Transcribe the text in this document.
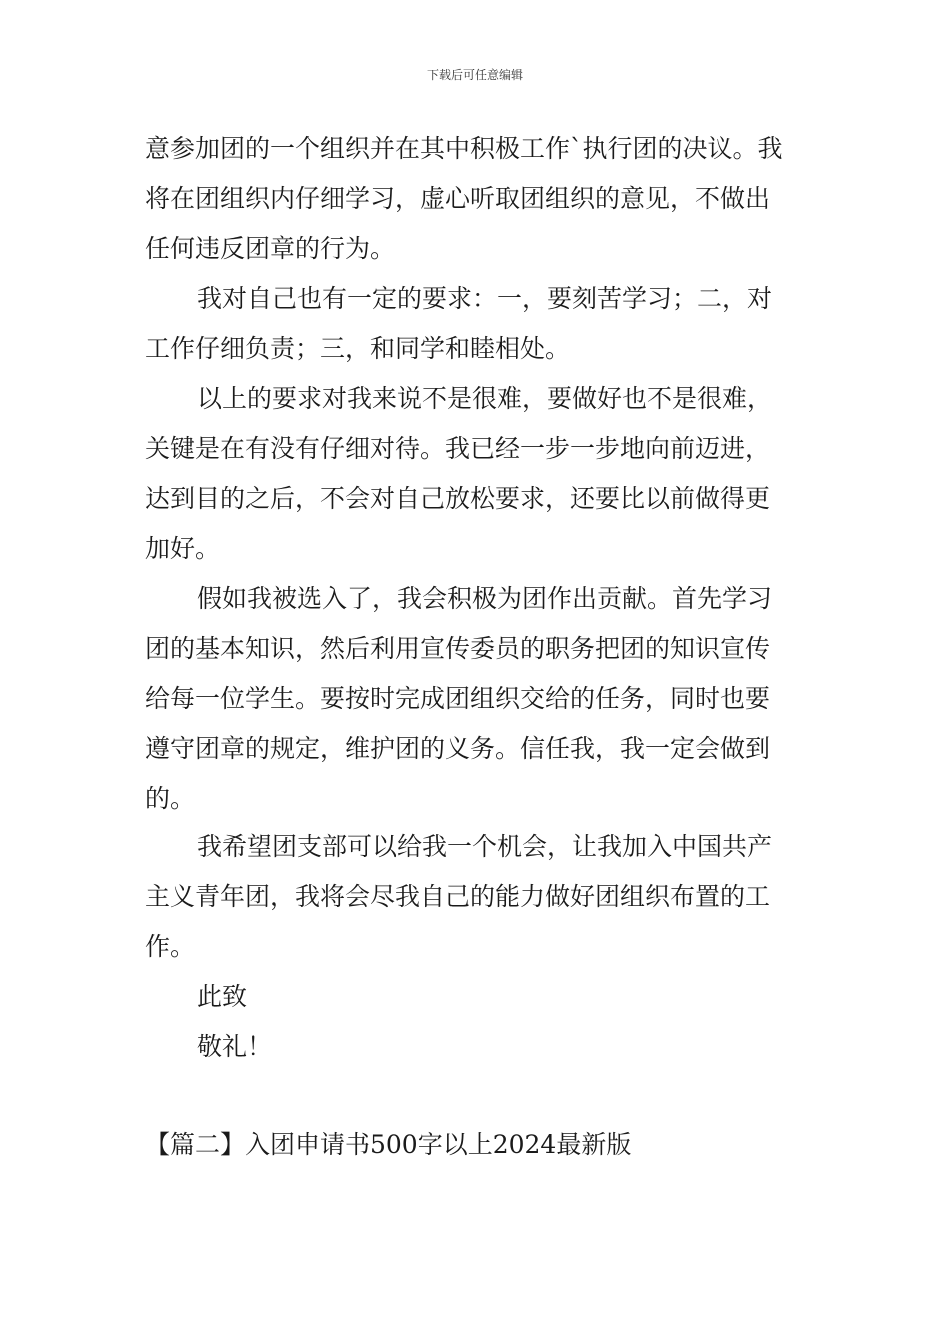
下载后可任意编辑
意参加团的一个组织并在其中积极工作`执行团的决议。我
将在团组织内仔细学习，虚心听取团组织的意见，不做出
任何违反团章的行为。
我对自己也有一定的要求：一，要刻苦学习；二，对
工作仔细负责；三，和同学和睦相处。
以上的要求对我来说不是很难，要做好也不是很难，
关键是在有没有仔细对待。我已经一步一步地向前迈进，
达到目的之后，不会对自己放松要求，还要比以前做得更
加好。
假如我被选入了，我会积极为团作出贡献。首先学习
团的基本知识，然后利用宣传委员的职务把团的知识宣传
给每一位学生。要按时完成团组织交给的任务，同时也要
遵守团章的规定，维护团的义务。信任我，我一定会做到
的。
我希望团支部可以给我一个机会，让我加入中国共产
主义青年团，我将会尽我自己的能力做好团组织布置的工
作。
此致
敬礼！
【篇二】入团申请书500字以上2024最新版
